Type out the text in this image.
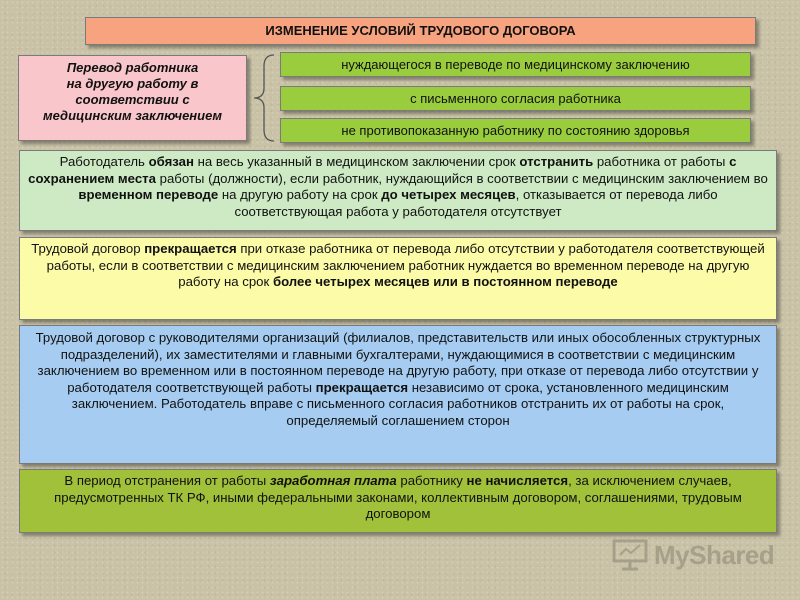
ИЗМЕНЕНИЕ УСЛОВИЙ ТРУДОВОГО ДОГОВОРА
Перевод работника
на другую работу в
соответствии с
медицинским заключением
нуждающегося в переводе по медицинскому заключению
с письменного согласия работника
не противопоказанную работнику по состоянию здоровья
Работодатель обязан на весь указанный в медицинском заключении срок отстранить работника от работы с сохранением места работы (должности), если работник, нуждающийся в соответствии с медицинским заключением во временном переводе на другую работу на срок до четырех месяцев, отказывается от перевода либо соответствующая работа у работодателя отсутствует
Трудовой договор прекращается при отказе работника от перевода либо отсутствии у работодателя соответствующей работы, если в соответствии с медицинским заключением работник нуждается во временном переводе на другую работу на срок более четырех месяцев или в постоянном переводе
Трудовой договор с руководителями организаций (филиалов, представительств или иных обособленных структурных подразделений), их заместителями и главными бухгалтерами, нуждающимися в соответствии с медицинским заключением во временном или в постоянном переводе на другую работу, при отказе от перевода либо отсутствии у работодателя соответствующей работы прекращается независимо от срока, установленного медицинским заключением. Работодатель вправе с письменного согласия работников отстранить их от работы на срок, определяемый соглашением сторон
В период отстранения от работы заработная плата работнику не начисляется, за исключением случаев, предусмотренных ТК РФ, иными федеральными законами, коллективным договором, соглашениями, трудовым договором
MyShared
